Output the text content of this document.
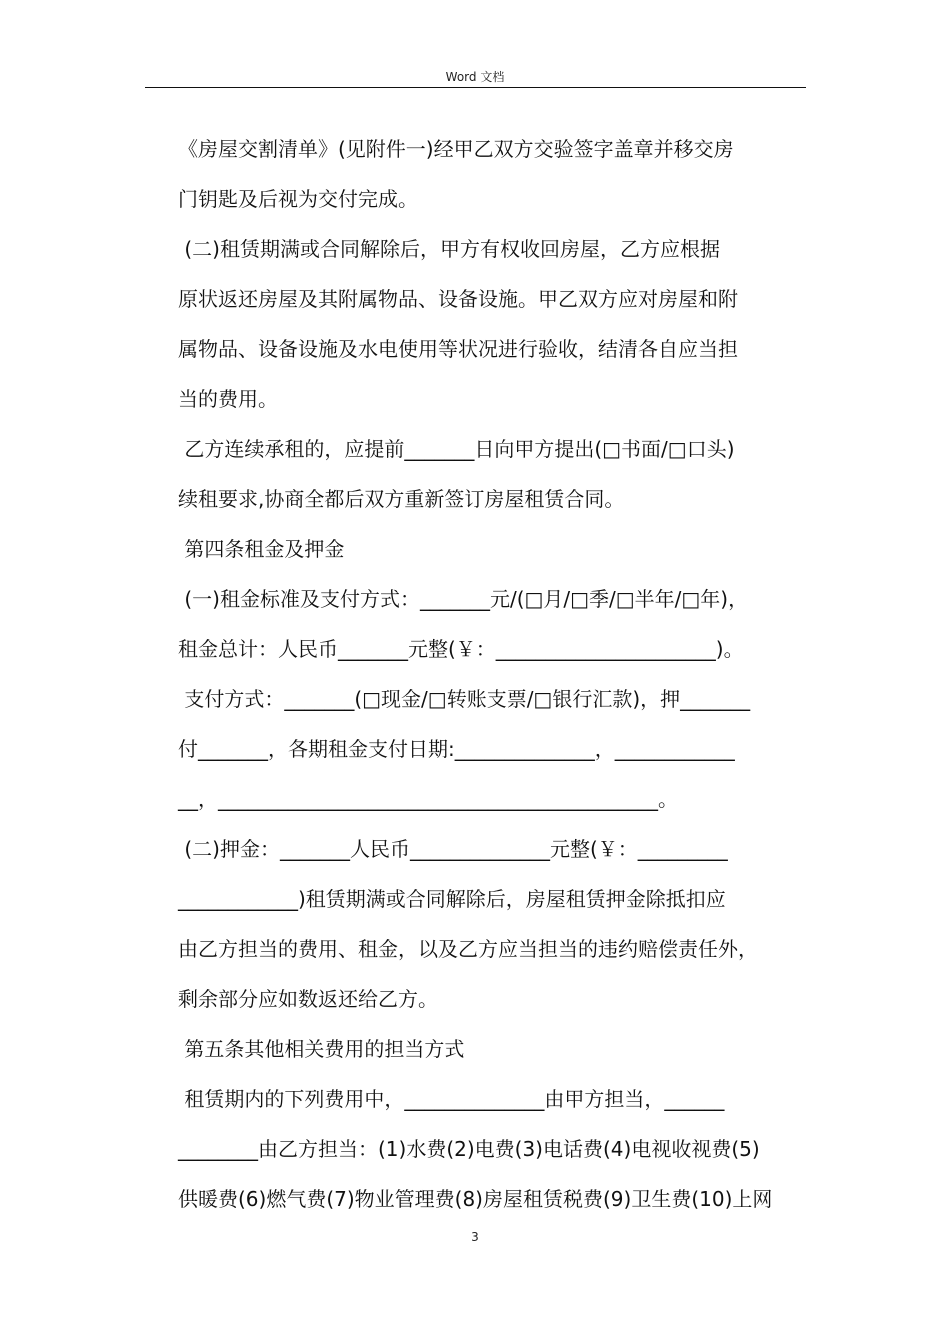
Word 文档
《房屋交割清单》(见附件一)经甲乙双方交验签字盖章并移交房
门钥匙及后视为交付完成。
(二)租赁期满或合同解除后，甲方有权收回房屋，乙方应根据
原状返还房屋及其附属物品、设备设施。甲乙双方应对房屋和附
属物品、设备设施及水电使用等状况进行验收，结清各自应当担
当的费用。
乙方连续承租的，应提前_______日向甲方提出(□书面/□口头)
续租要求,协商全都后双方重新签订房屋租赁合同。
第四条租金及押金
(一)租金标准及支付方式：_______元/(□月/□季/□半年/□年)，
租金总计：人民币_______元整(￥：______________________)。
支付方式：_______(□现金/□转账支票/□银行汇款)，押_______
付_______，各期租金支付日期:______________，____________
__，____________________________________________。
(二)押金：_______人民币______________元整(￥：_________
____________)租赁期满或合同解除后，房屋租赁押金除抵扣应
由乙方担当的费用、租金，以及乙方应当担当的违约赔偿责任外，
剩余部分应如数返还给乙方。
第五条其他相关费用的担当方式
租赁期内的下列费用中，______________由甲方担当，______
________由乙方担当：(1)水费(2)电费(3)电话费(4)电视收视费(5)
供暖费(6)燃气费(7)物业管理费(8)房屋租赁税费(9)卫生费(10)上网
3
